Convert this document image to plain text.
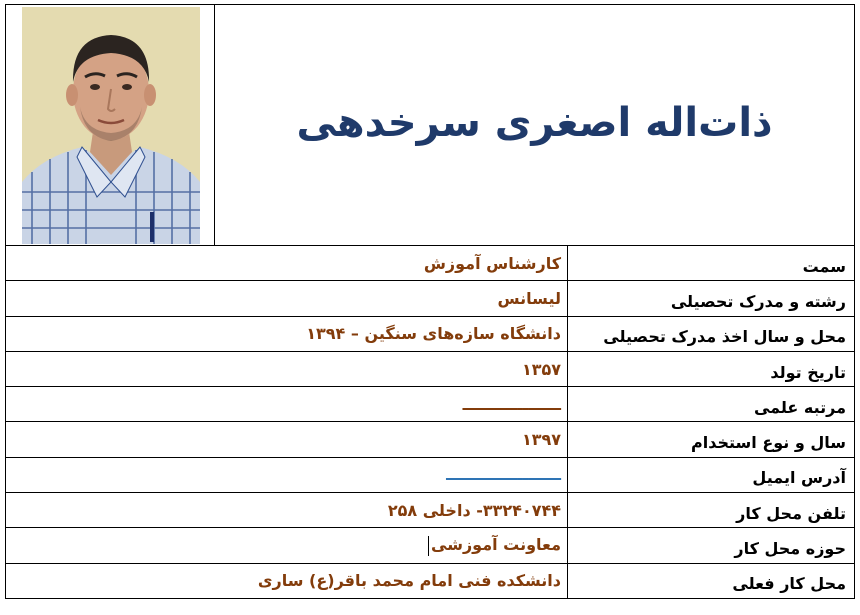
ذات‌اله اصغری سرخدهی
سمت	کارشناس آموزش
رشته و مدرک تحصیلی	لیسانس
محل و سال اخذ مدرک تحصیلی	دانشگاه سازه‌های سنگین – ۱۳۹۴
تاریخ تولد	۱۳۵۷
مرتبه علمی	ــــــــــــــــــ
سال و نوع استخدام	۱۳۹۷
آدرس ایمیل	ـــــــــــــــــــــ
تلفن محل کار	۳۳۲۴۰۷۴۴- داخلی ۲۵۸
حوزه محل کار	معاونت آموزشی
محل کار فعلی	دانشکده فنی امام محمد باقر(ع) ساری
